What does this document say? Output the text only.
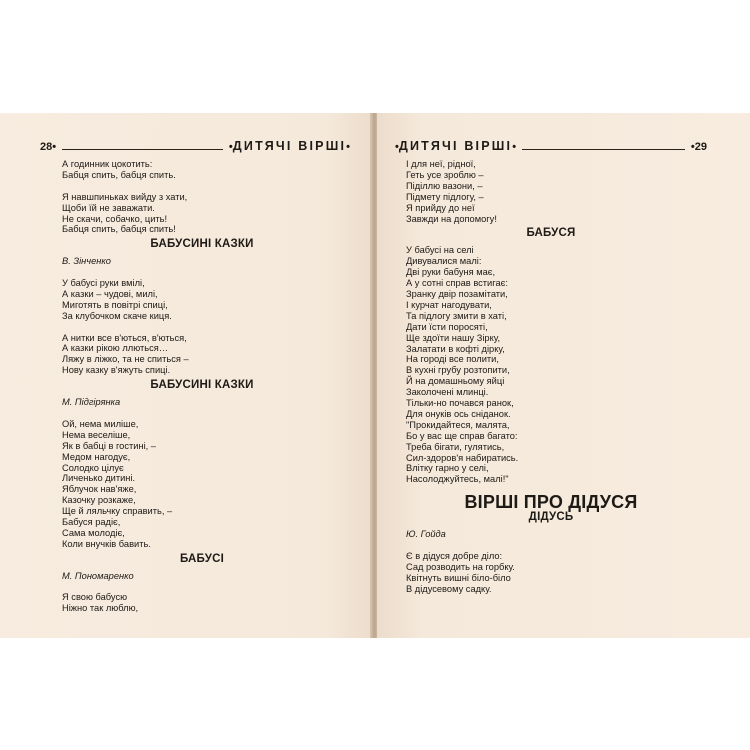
28 •	• ДИТЯЧІ ВІРШІ •
А годинник цокотить:
Бабця спить, бабця спить.
Я навшпиньках вийду з хати,
Щоби їй не заважати.
Не скачи, собачко, цить!
Бабця спить, бабця спить!
БАБУСИНІ КАЗКИ
В. Зінченко
У бабусі руки вмілі,
А казки – чудові, милі,
Миготять в повітрі спиці,
За клубочком скаче киця.
А нитки все в'ються, в'ються,
А казки рікою ллються…
Ляжу в ліжко, та не спиться –
Нову казку в'яжуть спиці.
БАБУСИНІ КАЗКИ
М. Підгірянка
Ой, нема миліше,
Нема веселіше,
Як в бабці в гостині, –
Медом нагодує,
Солодко цілує
Личенько дитині.
Яблучок нав'яже,
Казочку розкаже,
Ще й ляльчку справить, –
Бабуся радіє,
Сама молодіє,
Коли внучків бавить.
БАБУСІ
М. Пономаренко
Я свою бабусю
Ніжно так люблю,
• ДИТЯЧІ ВІРШІ •	• 29
І для неї, рідної,
Геть усе зроблю –
Піділлю вазони, –
Підмету підлогу, –
Я прийду до неї
Завжди на допомогу!
БАБУСЯ
У бабусі на селі
Дивувалися малі:
Дві руки бабуня має,
А у сотні справ встигає:
Зранку двір позамітати,
І курчат нагодувати,
Та підлогу змити в хаті,
Дати їсти поросяті,
Ще здоїти нашу Зірку,
Залатати в кофті дірку,
На городі все полити,
В кухні грубу розтопити,
Й на домашньому яйці
Заколочені млинці.
Тільки-но почався ранок,
Для онуків ось сніданок.
"Прокидайтеся, малята,
Бо у вас ще справ багато:
Треба бігати, гулятись,
Сил-здоров'я набиратись.
Влітку гарно у селі,
Насолоджуйтесь, малі!"
ВІРШІ ПРО ДІДУСЯ
ДІДУСЬ
Ю. Гойда
Є в дідуся добре діло:
Сад розводить на горбку.
Квітнуть вишні біло-біло
В дідусевому садку.
